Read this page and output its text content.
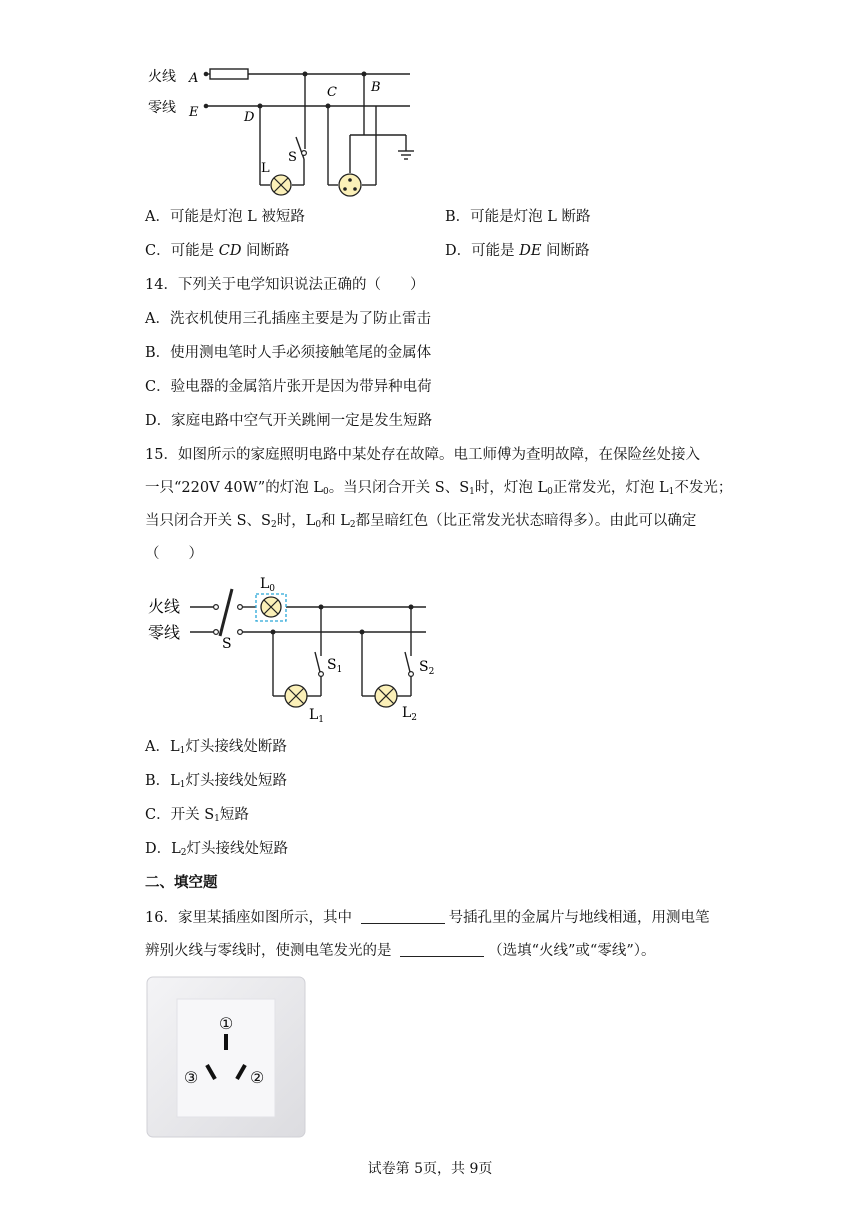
火线
零线
A
E	D
C	B
S
L
A．可能是灯泡 L 被短路	B．可能是灯泡 L 断路
C．可能是 CD 间断路	D．可能是 DE 间断路
14．下列关于电学知识说法正确的（　　）
A．洗衣机使用三孔插座主要是为了防止雷击
B．使用测电笔时人手必须接触笔尾的金属体
C．验电器的金属箔片张开是因为带异种电荷
D．家庭电路中空气开关跳闸一定是发生短路
15．如图所示的家庭照明电路中某处存在故障。电工师傅为查明故障，在保险丝处接入
一只“220V 40W”的灯泡 $L_0$。当只闭合开关 S、$S_1$时，灯泡 $L_0$正常发光，灯泡 $L_1$不发光；
当只闭合开关 S、$S_2$时，$L_0$和 $L_2$都呈暗红色（比正常发光状态暗得多）。由此可以确定
（　　）
火线
零线
S
$L_0$
$S_1$	$S_2$
$L_1$	$L_2$
A．$L_1$灯头接线处断路
B．$L_1$灯头接线处短路
C．开关 $S_1$短路
D．$L_2$灯头接线处短路
二、填空题
16．家里某插座如图所示，其中	号插孔里的金属片与地线相通，用测电笔
辨别火线与零线时，使测电笔发光的是	（选填“火线”或“零线”）。
①
③	②
试卷第 5页，共 9页
